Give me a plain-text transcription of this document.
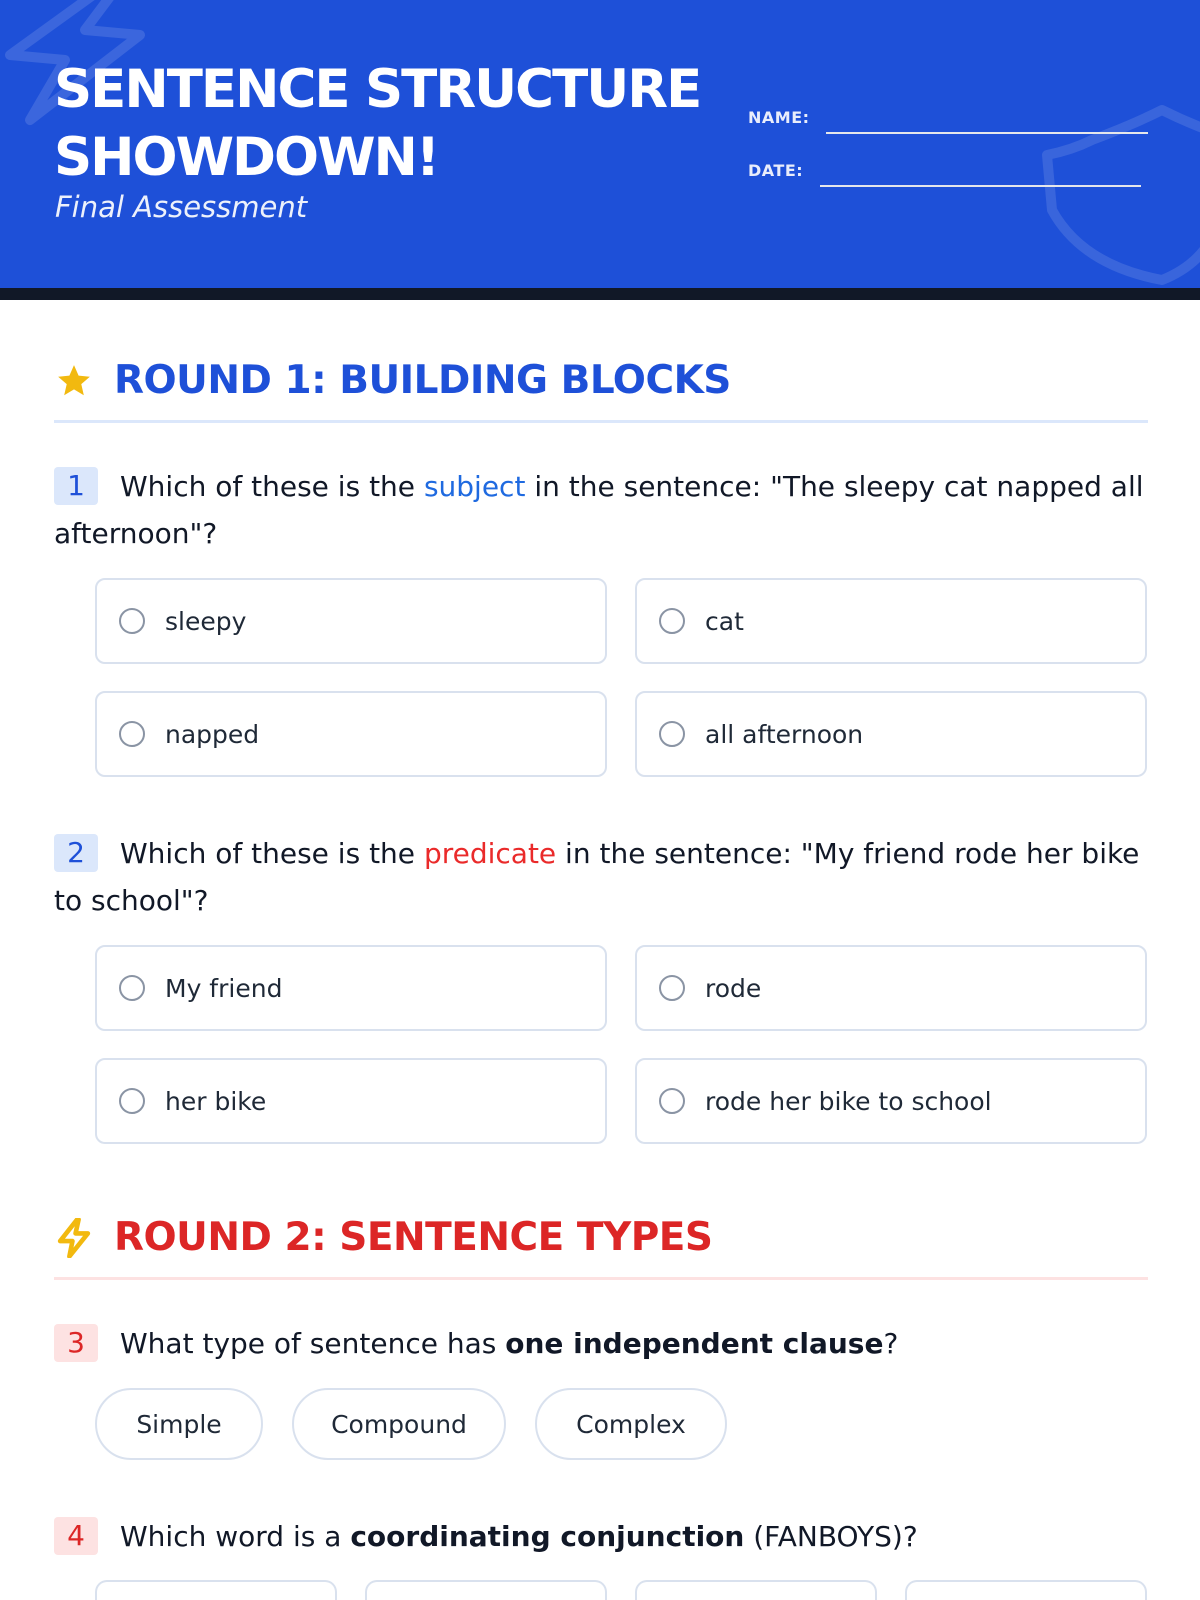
SENTENCE STRUCTURE
SHOWDOWN!
Final Assessment
NAME:
DATE:
ROUND 1: BUILDING BLOCKS
1 Which of these is the subject in the sentence: "The sleepy cat napped all afternoon"?
sleepy	cat
napped	all afternoon
2 Which of these is the predicate in the sentence: "My friend rode her bike to school"?
My friend	rode
her bike	rode her bike to school
ROUND 2: SENTENCE TYPES
3 What type of sentence has one independent clause?
Simple	Compound	Complex
4 Which word is a coordinating conjunction (FANBOYS)?
